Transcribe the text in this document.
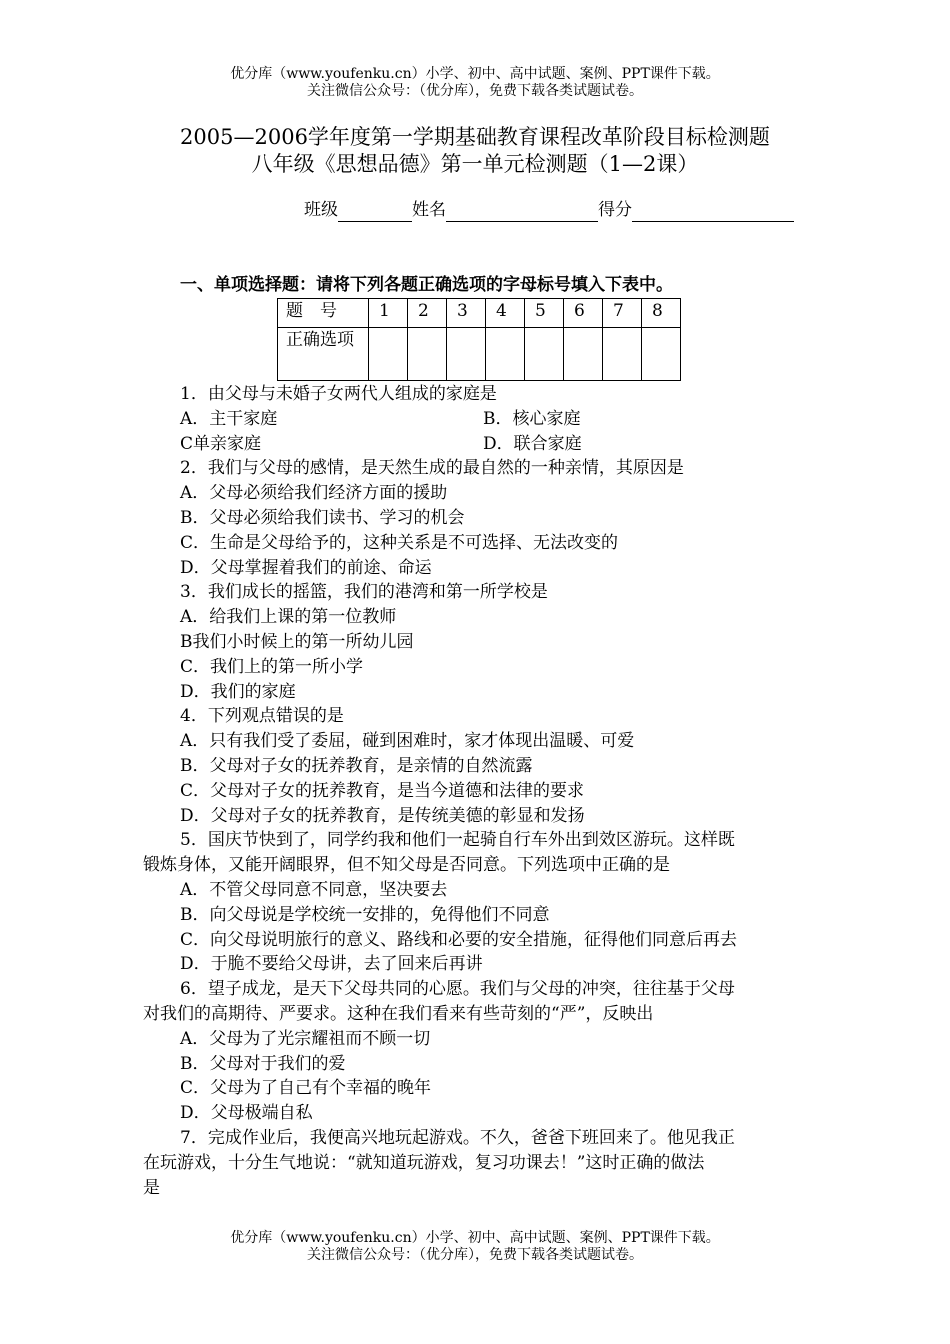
优分库（www.youfenku.cn）小学、初中、高中试题、案例、PPT课件下载。
关注微信公众号：（优分库），免费下载各类试题试卷。
2005—2006学年度第一学期基础教育课程改革阶段目标检测题
八年级《思想品德》第一单元检测题（1—2课）
班级	姓名	得分
一、单项选择题：请将下列各题正确选项的字母标号填入下表中。
题　号	1	2	3	4	5	6	7	8
正确选项								
1．由父母与未婚子女两代人组成的家庭是
A．主干家庭	B．核心家庭
C单亲家庭	D．联合家庭
2．我们与父母的感情，是天然生成的最自然的一种亲情，其原因是
A．父母必须给我们经济方面的援助
B．父母必须给我们读书、学习的机会
C．生命是父母给予的，这种关系是不可选择、无法改变的
D．父母掌握着我们的前途、命运
3．我们成长的摇篮，我们的港湾和第一所学校是
A．给我们上课的第一位教师
B我们小时候上的第一所幼儿园
C．我们上的第一所小学
D．我们的家庭
4．下列观点错误的是
A．只有我们受了委屈，碰到困难时，家才体现出温暖、可爱
B．父母对子女的抚养教育，是亲情的自然流露
C．父母对子女的抚养教育，是当今道德和法律的要求
D．父母对子女的抚养教育，是传统美德的彰显和发扬
5．国庆节快到了，同学约我和他们一起骑自行车外出到效区游玩。这样既
锻炼身体，又能开阔眼界，但不知父母是否同意。下列选项中正确的是
A．不管父母同意不同意，坚决要去
B．向父母说是学校统一安排的，免得他们不同意
C．向父母说明旅行的意义、路线和必要的安全措施，征得他们同意后再去
D．于脆不要给父母讲，去了回来后再讲
6．望子成龙，是天下父母共同的心愿。我们与父母的冲突，往往基于父母
对我们的高期待、严要求。这种在我们看来有些苛刻的“严”，反映出
A．父母为了光宗耀祖而不顾一切
B．父母对于我们的爱
C．父母为了自己有个幸福的晚年
D．父母极端自私
7．完成作业后，我便高兴地玩起游戏。不久，爸爸下班回来了。他见我正
在玩游戏，十分生气地说：“就知道玩游戏，复习功课去！”这时正确的做法
是
优分库（www.youfenku.cn）小学、初中、高中试题、案例、PPT课件下载。
关注微信公众号：（优分库），免费下载各类试题试卷。
